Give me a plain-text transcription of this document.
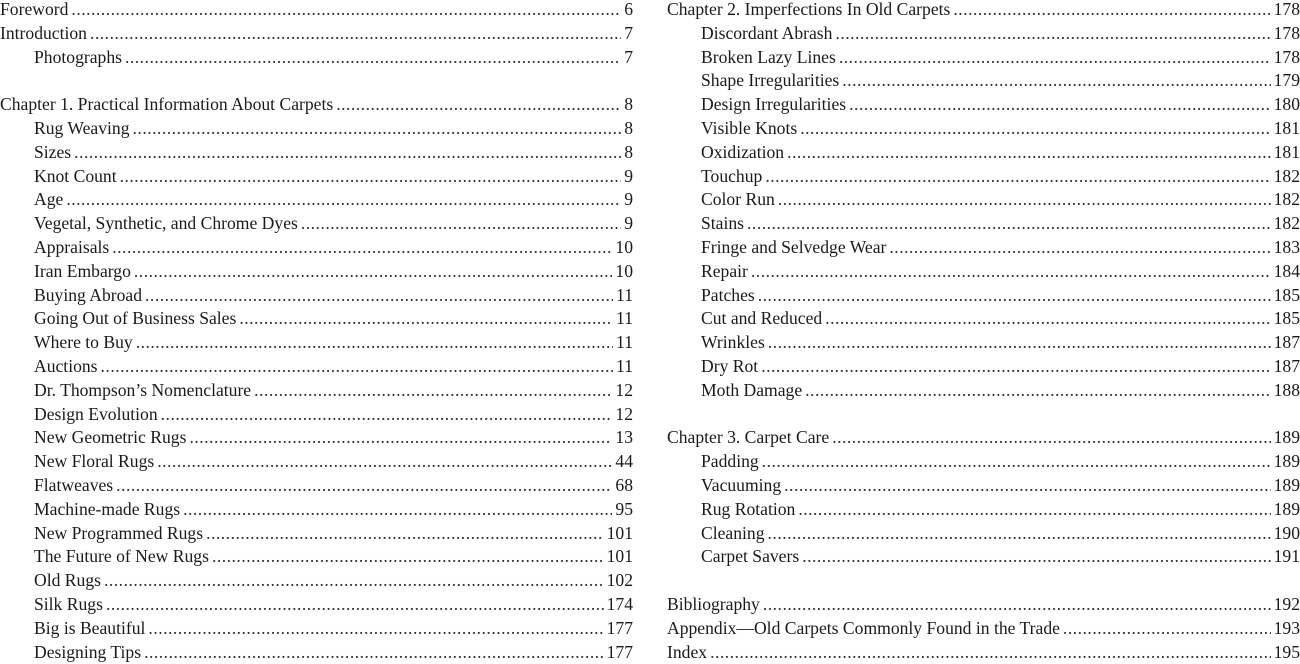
Foreword .....	6
Introduction .....	7
Photographs .....	7
Chapter 1. Practical Information About Carpets .....	8
Rug Weaving .....	8
Sizes .....	8
Knot Count .....	9
Age .....	9
Vegetal, Synthetic, and Chrome Dyes .....	9
Appraisals .....	10
Iran Embargo .....	10
Buying Abroad .....	11
Going Out of Business Sales .....	11
Where to Buy .....	11
Auctions .....	11
Dr. Thompson’s Nomenclature .....	12
Design Evolution .....	12
New Geometric Rugs .....	13
New Floral Rugs .....	44
Flatweaves .....	68
Machine-made Rugs .....	95
New Programmed Rugs .....	101
The Future of New Rugs .....	101
Old Rugs .....	102
Silk Rugs .....	174
Big is Beautiful .....	177
Designing Tips .....	177
Chapter 2. Imperfections In Old Carpets .....	178
Discordant Abrash .....	178
Broken Lazy Lines .....	178
Shape Irregularities .....	179
Design Irregularities .....	180
Visible Knots .....	181
Oxidization .....	181
Touchup .....	182
Color Run .....	182
Stains .....	182
Fringe and Selvedge Wear .....	183
Repair .....	184
Patches .....	185
Cut and Reduced .....	185
Wrinkles .....	187
Dry Rot .....	187
Moth Damage .....	188
Chapter 3. Carpet Care .....	189
Padding .....	189
Vacuuming .....	189
Rug Rotation .....	189
Cleaning .....	190
Carpet Savers .....	191
Bibliography .....	192
Appendix—Old Carpets Commonly Found in the Trade .....	193
Index .....	195
